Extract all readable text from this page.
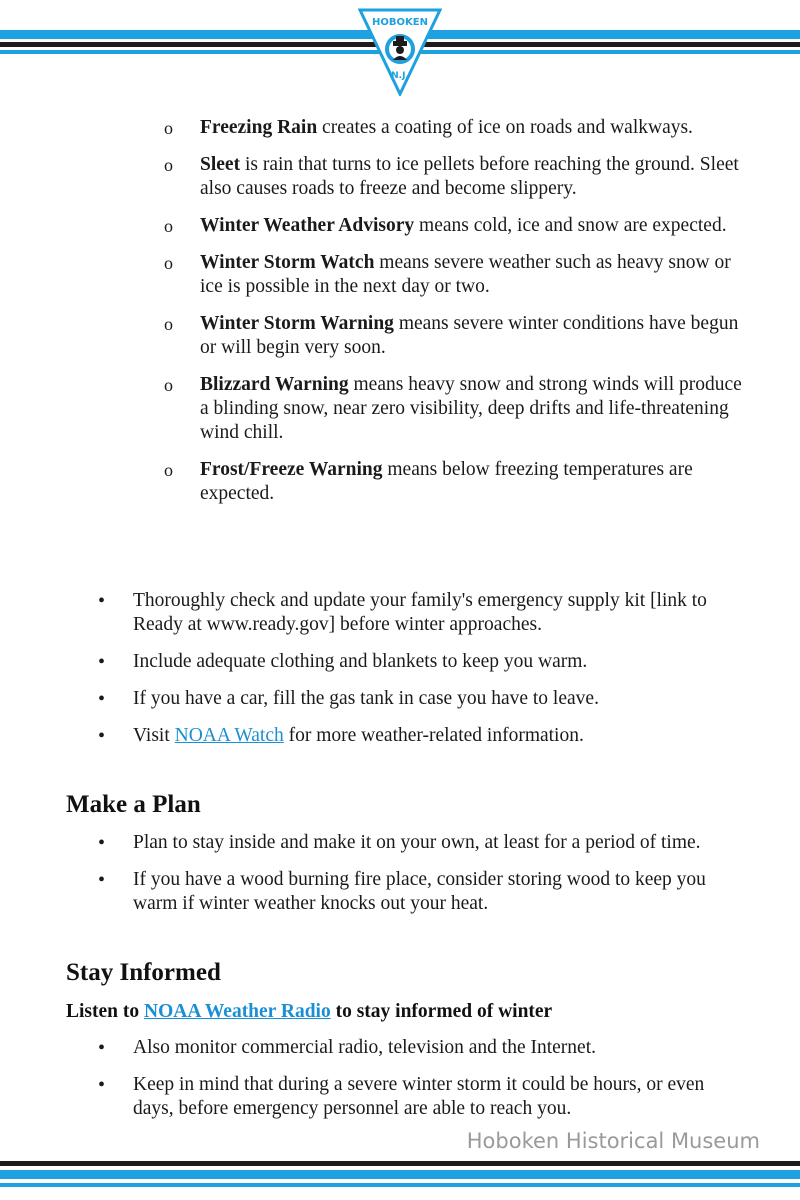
HOBOKEN
N.J.
o Freezing Rain creates a coating of ice on roads and walkways.
o Sleet is rain that turns to ice pellets before reaching the ground. Sleet also causes roads to freeze and become slippery.
o Winter Weather Advisory means cold, ice and snow are expected.
o Winter Storm Watch means severe weather such as heavy snow or ice is possible in the next day or two.
o Winter Storm Warning means severe winter conditions have begun or will begin very soon.
o Blizzard Warning means heavy snow and strong winds will produce a blinding snow, near zero visibility, deep drifts and life-threatening wind chill.
o Frost/Freeze Warning means below freezing temperatures are expected.
• Thoroughly check and update your family's emergency supply kit [link to Ready at www.ready.gov] before winter approaches.
• Include adequate clothing and blankets to keep you warm.
• If you have a car, fill the gas tank in case you have to leave.
• Visit NOAA Watch for more weather-related information.
Make a Plan
• Plan to stay inside and make it on your own, at least for a period of time.
• If you have a wood burning fire place, consider storing wood to keep you warm if winter weather knocks out your heat.
Stay Informed

Listen to NOAA Weather Radio to stay informed of winter

• Also monitor commercial radio, television and the Internet.
• Keep in mind that during a severe winter storm it could be hours, or even days, before emergency personnel are able to reach you.
Hoboken Historical Museum
